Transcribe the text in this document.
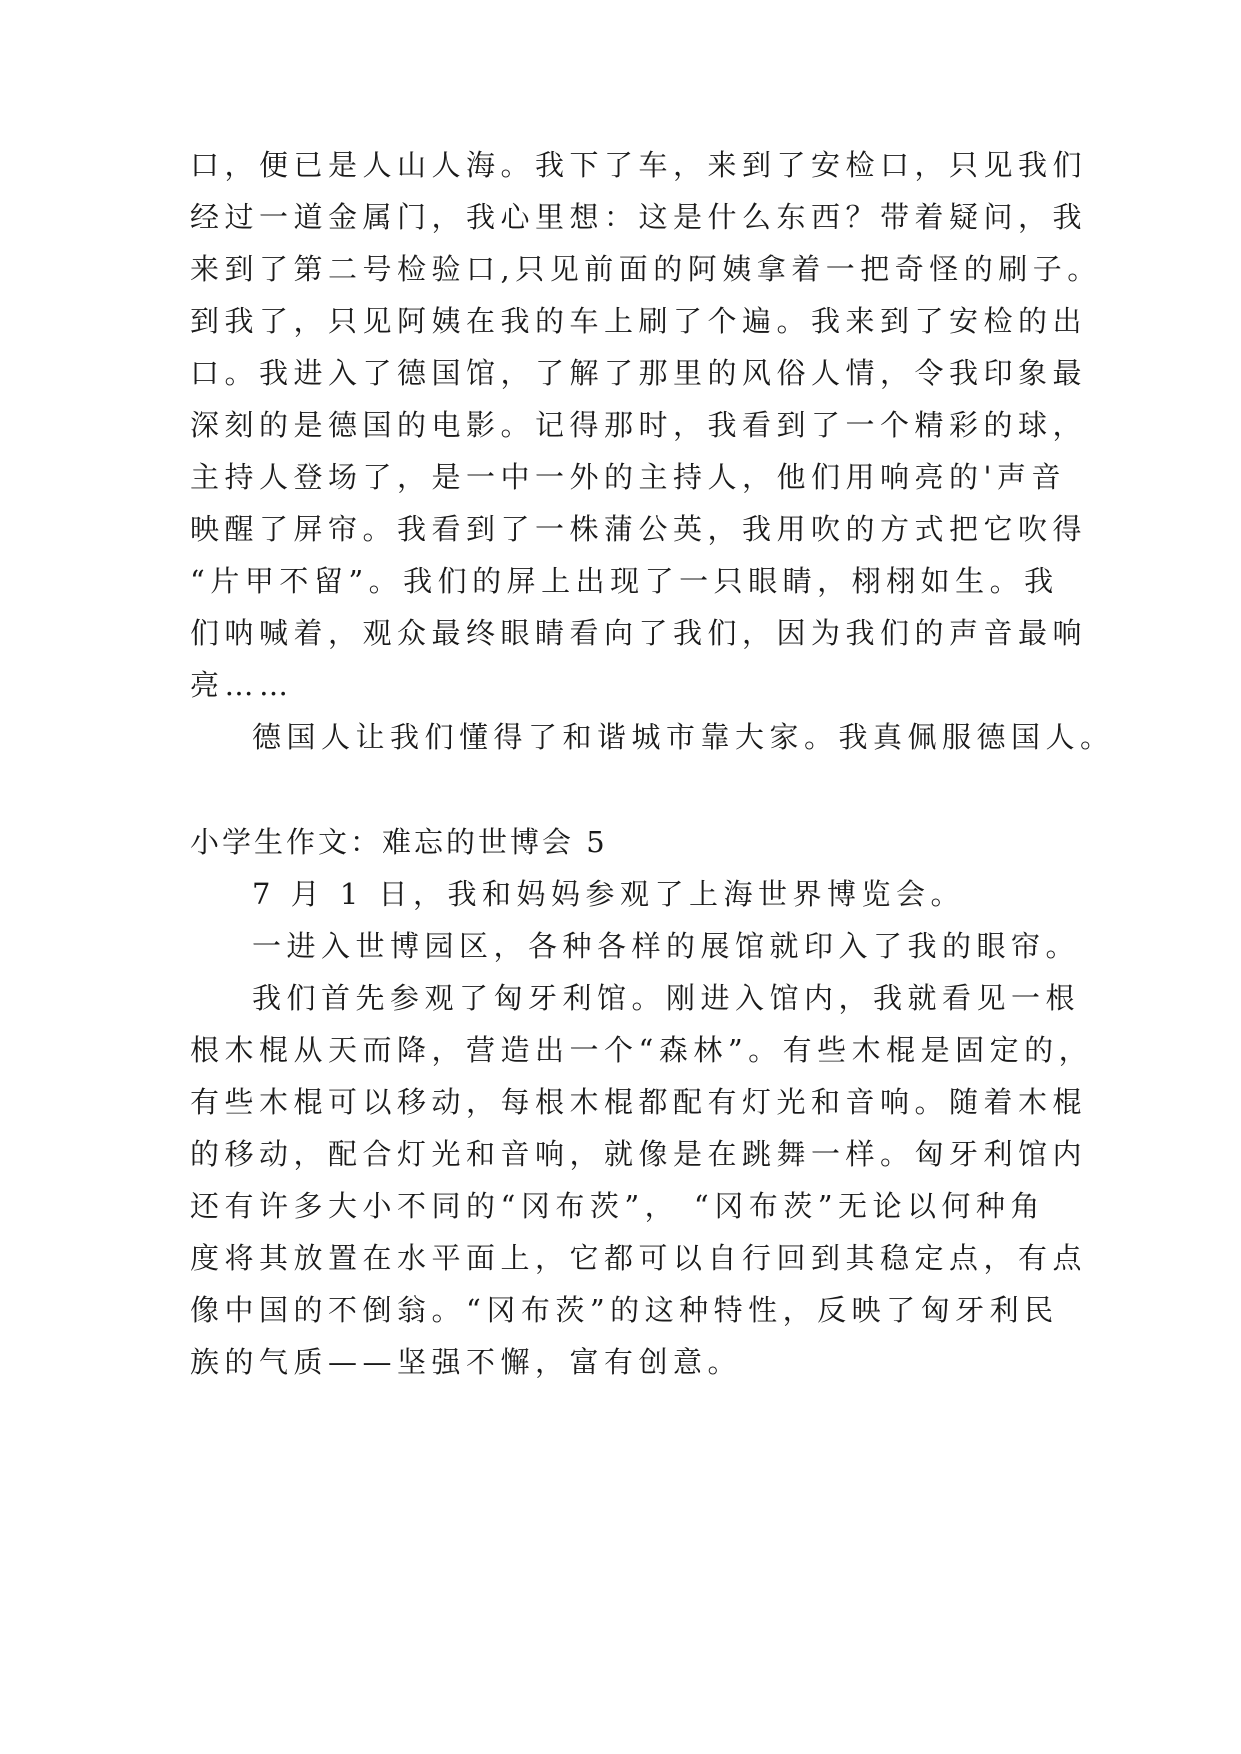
口，便已是人山人海。我下了车，来到了安检口，只见我们
经过一道金属门，我心里想：这是什么东西？带着疑问，我
来到了第二号检验口,只见前面的阿姨拿着一把奇怪的刷子。
到我了，只见阿姨在我的车上刷了个遍。我来到了安检的出
口。我进入了德国馆，了解了那里的风俗人情，令我印象最
深刻的是德国的电影。记得那时，我看到了一个精彩的球，
主持人登场了，是一中一外的主持人，他们用响亮的'声音
映醒了屏帘。我看到了一株蒲公英，我用吹的方式把它吹得
“片甲不留”。我们的屏上出现了一只眼睛，栩栩如生。我
们呐喊着，观众最终眼睛看向了我们，因为我们的声音最响
亮……
德国人让我们懂得了和谐城市靠大家。我真佩服德国人。
小学生作文：难忘的世博会 5
7 月 1 日，我和妈妈参观了上海世界博览会。
一进入世博园区，各种各样的展馆就印入了我的眼帘。
我们首先参观了匈牙利馆。刚进入馆内，我就看见一根
根木棍从天而降，营造出一个“森林”。有些木棍是固定的，
有些木棍可以移动，每根木棍都配有灯光和音响。随着木棍
的移动，配合灯光和音响，就像是在跳舞一样。匈牙利馆内
还有许多大小不同的“冈布茨”， “冈布茨”无论以何种角
度将其放置在水平面上，它都可以自行回到其稳定点，有点
像中国的不倒翁。“冈布茨”的这种特性，反映了匈牙利民
族的气质——坚强不懈，富有创意。
